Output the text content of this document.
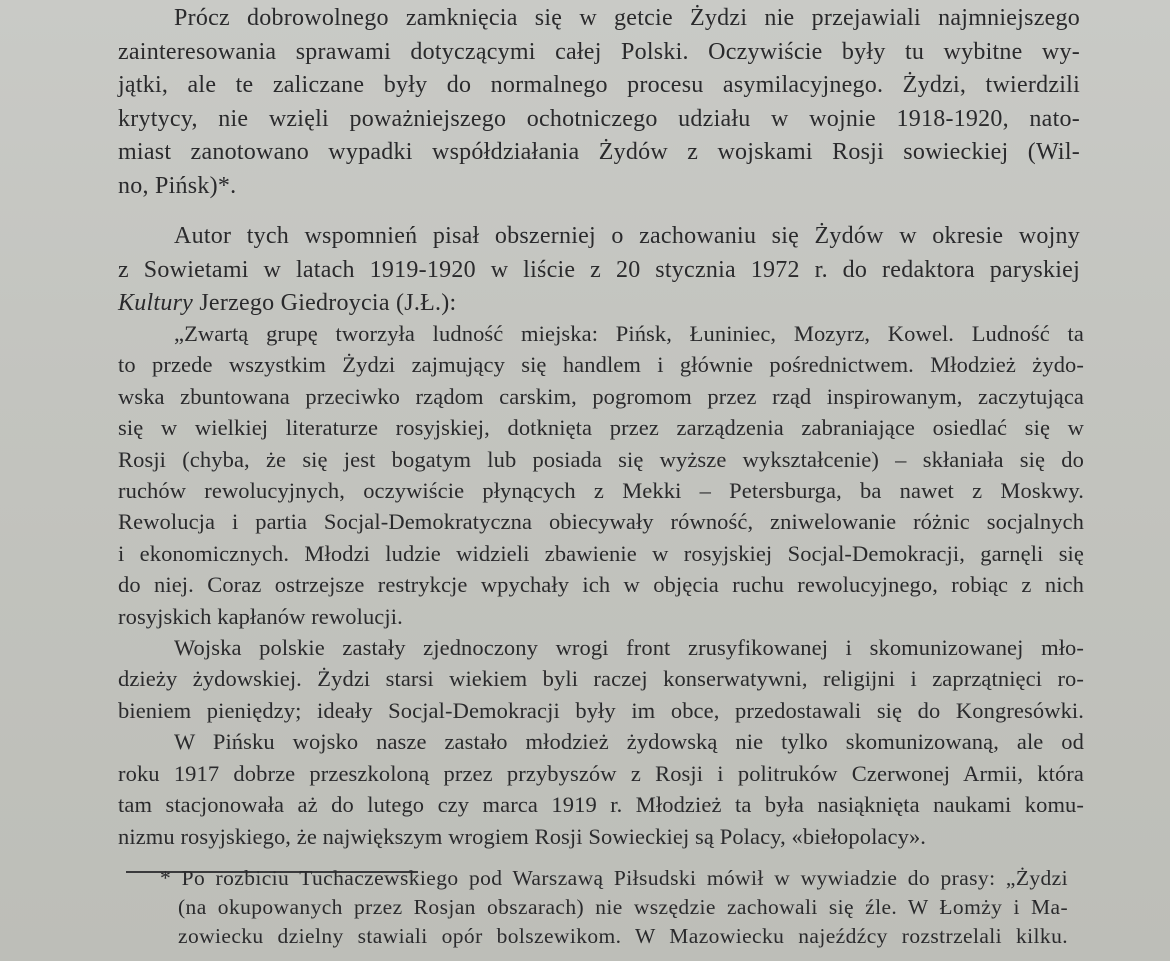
Prócz dobrowolnego zamknięcia się w getcie Żydzi nie przejawiali najmniejszego
zainteresowania sprawami dotyczącymi całej Polski. Oczywiście były tu wybitne wy-
jątki, ale te zaliczane były do normalnego procesu asymilacyjnego. Żydzi, twierdzili
krytycy, nie wzięli poważniejszego ochotniczego udziału w wojnie 1918-1920, nato-
miast zanotowano wypadki współdziałania Żydów z wojskami Rosji sowieckiej (Wil-
no, Pińsk)*.
Autor tych wspomnień pisał obszerniej o zachowaniu się Żydów w okresie wojny
z Sowietami w latach 1919-1920 w liście z 20 stycznia 1972 r. do redaktora paryskiej
Kultury Jerzego Giedroycia (J.Ł.):
„Zwartą grupę tworzyła ludność miejska: Pińsk, Łuniniec, Mozyrz, Kowel. Ludność ta
to przede wszystkim Żydzi zajmujący się handlem i głównie pośrednictwem. Młodzież żydo-
wska zbuntowana przeciwko rządom carskim, pogromom przez rząd inspirowanym, zaczytująca
się w wielkiej literaturze rosyjskiej, dotknięta przez zarządzenia zabraniające osiedlać się w
Rosji (chyba, że się jest bogatym lub posiada się wyższe wykształcenie) – skłaniała się do
ruchów rewolucyjnych, oczywiście płynących z Mekki – Petersburga, ba nawet z Moskwy.
Rewolucja i partia Socjal-Demokratyczna obiecywały równość, zniwelowanie różnic socjalnych
i ekonomicznych. Młodzi ludzie widzieli zbawienie w rosyjskiej Socjal-Demokracji, garnęli się
do niej. Coraz ostrzejsze restrykcje wpychały ich w objęcia ruchu rewolucyjnego, robiąc z nich
rosyjskich kapłanów rewolucji.
Wojska polskie zastały zjednoczony wrogi front zrusyfikowanej i skomunizowanej mło-
dzieży żydowskiej. Żydzi starsi wiekiem byli raczej konserwatywni, religijni i zaprzątnięci ro-
bieniem pieniędzy; ideały Socjal-Demokracji były im obce, przedostawali się do Kongresówki.
W Pińsku wojsko nasze zastało młodzież żydowską nie tylko skomunizowaną, ale od
roku 1917 dobrze przeszkoloną przez przybyszów z Rosji i politruków Czerwonej Armii, która
tam stacjonowała aż do lutego czy marca 1919 r. Młodzież ta była nasiąknięta naukami komu-
nizmu rosyjskiego, że największym wrogiem Rosji Sowieckiej są Polacy, «biełopolacy».
* Po rozbiciu Tuchaczewskiego pod Warszawą Piłsudski mówił w wywiadzie do prasy: „Żydzi
(na okupowanych przez Rosjan obszarach) nie wszędzie zachowali się źle. W Łomży i Ma-
zowiecku dzielny stawiali opór bolszewikom. W Mazowiecku najeźdźcy rozstrzelali kilku.
